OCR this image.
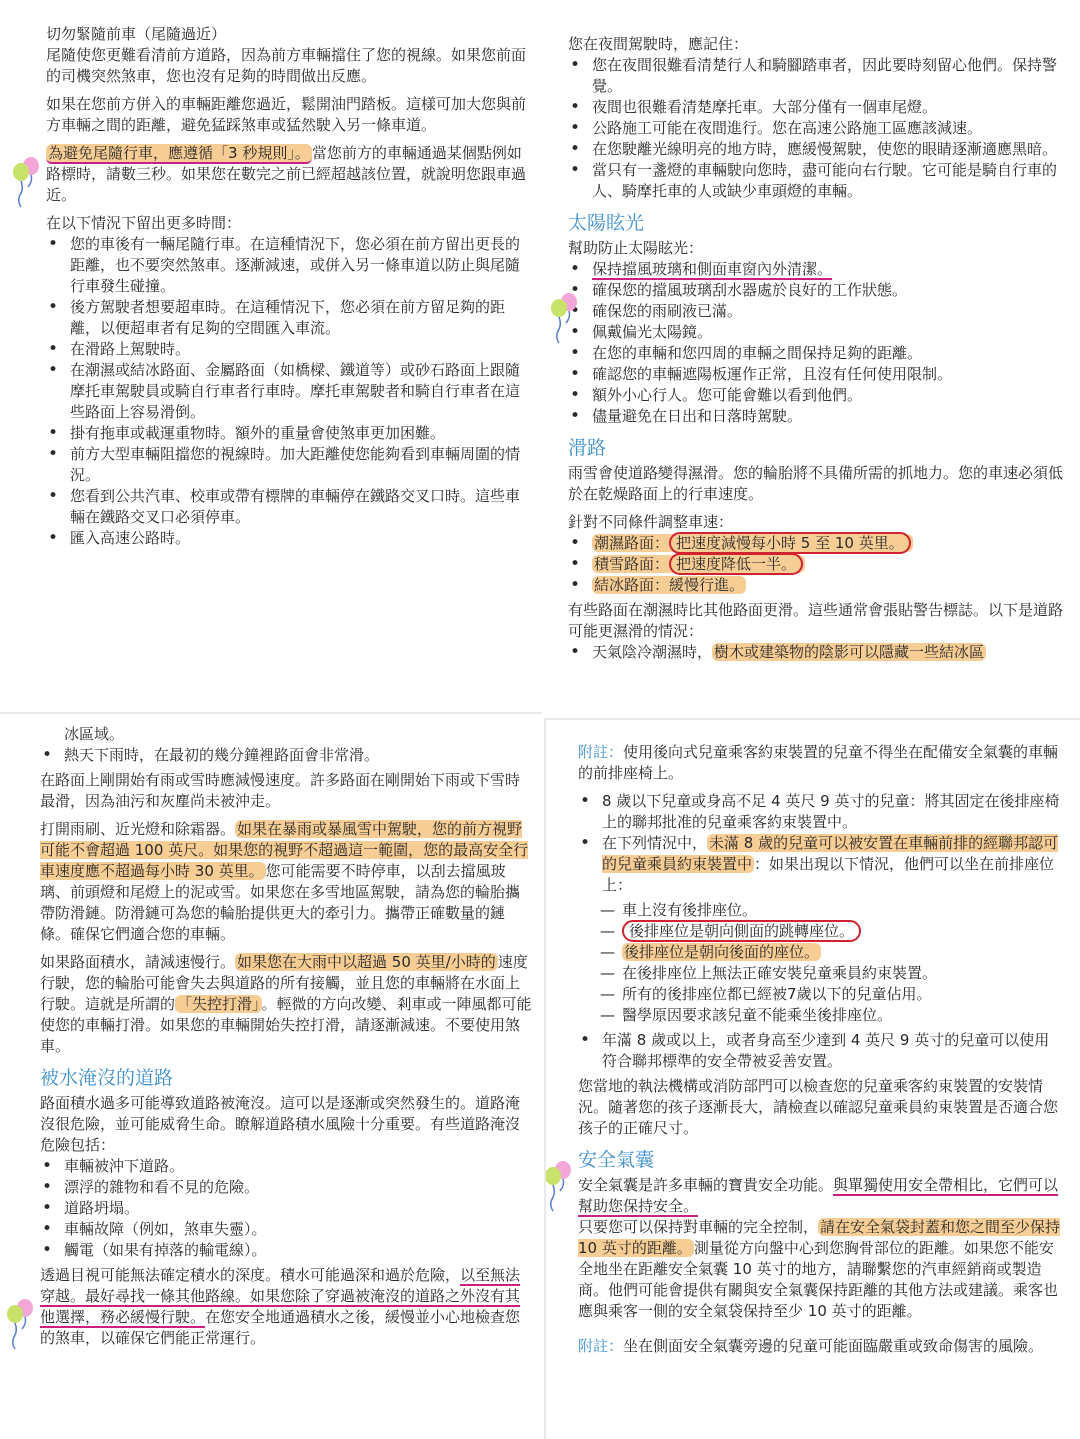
切勿緊隨前車（尾隨過近）

尾隨使您更難看清前方道路，因為前方車輛擋住了您的視線。如果您前面的司機突然煞車，您也沒有足夠的時間做出反應。

如果在您前方併入的車輛距離您過近，鬆開油門踏板。這樣可加大您與前方車輛之間的距離，避免猛踩煞車或猛然駛入另一條車道。

為避免尾隨行車，應遵循「3 秒規則」。 當您前方的車輛通過某個點例如路標時，請數三秒。如果您在數完之前已經超越該位置，就說明您跟車過近。

在以下情況下留出更多時間：

• 您的車後有一輛尾隨行車。在這種情況下，您必須在前方留出更長的距離，也不要突然煞車。逐漸減速，或併入另一條車道以防止與尾隨行車發生碰撞。
• 後方駕駛者想要超車時。在這種情況下，您必須在前方留足夠的距離，以便超車者有足夠的空間匯入車流。
• 在滑路上駕駛時。
• 在潮濕或結冰路面、金屬路面（如橋樑、鐵道等）或砂石路面上跟隨摩托車駕駛員或騎自行車者行車時。摩托車駕駛者和騎自行車者在這些路面上容易滑倒。
• 掛有拖車或載運重物時。額外的重量會使煞車更加困難。
• 前方大型車輛阻擋您的視線時。加大距離使您能夠看到車輛周圍的情況。
• 您看到公共汽車、校車或帶有標牌的車輛停在鐵路交叉口時。這些車輛在鐵路交叉口必須停車。
• 匯入高速公路時。

您在夜間駕駛時，應記住：

• 您在夜間很難看清楚行人和騎腳踏車者，因此要時刻留心他們。保持警覺。
• 夜間也很難看清楚摩托車。大部分僅有一個車尾燈。
• 公路施工可能在夜間進行。您在高速公路施工區應該減速。
• 在您駛離光線明亮的地方時，應緩慢駕駛，使您的眼睛逐漸適應黑暗。
• 當只有一盞燈的車輛駛向您時，盡可能向右行駛。它可能是騎自行車的人、騎摩托車的人或缺少車頭燈的車輛。
太陽眩光

幫助防止太陽眩光：

• 保持擋風玻璃和側面車窗內外清潔。
• 確保您的擋風玻璃刮水器處於良好的工作狀態。
• 確保您的雨刷液已滿。
• 佩戴偏光太陽鏡。
• 在您的車輛和您四周的車輛之間保持足夠的距離。
• 確認您的車輛遮陽板運作正常，且沒有任何使用限制。
• 額外小心行人。您可能會難以看到他們。
• 儘量避免在日出和日落時駕駛。
滑路

雨雪會使道路變得濕滑。您的輪胎將不具備所需的抓地力。您的車速必須低於在乾燥路面上的行車速度。

針對不同條件調整車速：

• 潮濕路面： 把速度減慢每小時 5 至 10 英里。
• 積雪路面： 把速度降低一半。
• 結冰路面：緩慢行進。

有些路面在潮濕時比其他路面更滑。這些通常會張貼警告標誌。以下是道路可能更濕滑的情況：

• 天氣陰冷潮濕時， 樹木或建築物的陰影可以隱藏一些結冰區

冰區域。

• 熱天下雨時，在最初的幾分鐘裡路面會非常滑。

在路面上剛開始有雨或雪時應減慢速度。許多路面在剛開始下雨或下雪時最滑，因為油污和灰塵尚未被沖走。

打開雨刷、近光燈和除霜器。 如果在暴雨或暴風雪中駕駛，您的前方視野可能不會超過 100 英尺。如果您的視野不超過這一範圍，您的最高安全行車速度應不超過每小時 30 英里。 您可能需要不時停車，以刮去擋風玻璃、前頭燈和尾燈上的泥或雪。如果您在多雪地區駕駛，請為您的輪胎攜帶防滑鏈。防滑鏈可為您的輪胎提供更大的牽引力。攜帶正確數量的鏈條。確保它們適合您的車輛。

如果路面積水，請減速慢行。 如果您在大雨中以超過 50 英里/小時的 速度行駛，您的輪胎可能會失去與道路的所有接觸，並且您的車輛將在水面上行駛。這就是所謂的 「失控打滑」 。輕微的方向改變、剎車或一陣風都可能使您的車輛打滑。如果您的車輛開始失控打滑，請逐漸減速。不要使用煞車。

被水淹沒的道路

路面積水過多可能導致道路被淹沒。這可以是逐漸或突然發生的。道路淹沒很危險，並可能威脅生命。瞭解道路積水風險十分重要。有些道路淹沒危險包括：

• 車輛被沖下道路。
• 漂浮的雜物和看不見的危險。
• 道路坍塌。
• 車輛故障（例如，煞車失靈）。
• 觸電（如果有掉落的輸電線）。

透過目視可能無法確定積水的深度。積水可能過深和過於危險，以至無法穿越。最好尋找一條其他路線。如果您除了穿過被淹沒的道路之外沒有其他選擇，務必緩慢行駛。在您安全地通過積水之後，緩慢並小心地檢查您的煞車，以確保它們能正常運行。

附註：使用後向式兒童乘客約束裝置的兒童不得坐在配備安全氣囊的車輛的前排座椅上。

• 8 歲以下兒童或身高不足 4 英尺 9 英寸的兒童：將其固定在後排座椅上的聯邦批准的兒童乘客約束裝置中。
• 在下列情況中， 未滿 8 歲的兒童可以被安置在車輛前排的經聯邦認可的兒童乘員約束裝置中 ：如果出現以下情況，他們可以坐在前排座位上：
— 車上沒有後排座位。
— 後排座位是朝向側面的跳轉座位。
— 後排座位是朝向後面的座位。
— 在後排座位上無法正確安裝兒童乘員約束裝置。
— 所有的後排座位都已經被7歲以下的兒童佔用。
— 醫學原因要求該兒童不能乘坐後排座位。
• 年滿 8 歲或以上，或者身高至少達到 4 英尺 9 英寸的兒童可以使用符合聯邦標準的安全帶被妥善安置。

您當地的執法機構或消防部門可以檢查您的兒童乘客約束裝置的安裝情況。隨著您的孩子逐漸長大，請檢查以確認兒童乘員約束裝置是否適合您孩子的正確尺寸。

安全氣囊

安全氣囊是許多車輛的寶貴安全功能。與單獨使用安全帶相比，它們可以幫助您保持安全。

只要您可以保持對車輛的完全控制， 請在安全氣袋封蓋和您之間至少保持 10 英寸的距離。 測量從方向盤中心到您胸骨部位的距離。如果您不能安全地坐在距離安全氣囊 10 英寸的地方，請聯繫您的汽車經銷商或製造商。他們可能會提供有關與安全氣囊保持距離的其他方法或建議。乘客也應與乘客一側的安全氣袋保持至少 10 英寸的距離。

附註：坐在側面安全氣囊旁邊的兒童可能面臨嚴重或致命傷害的風險。
